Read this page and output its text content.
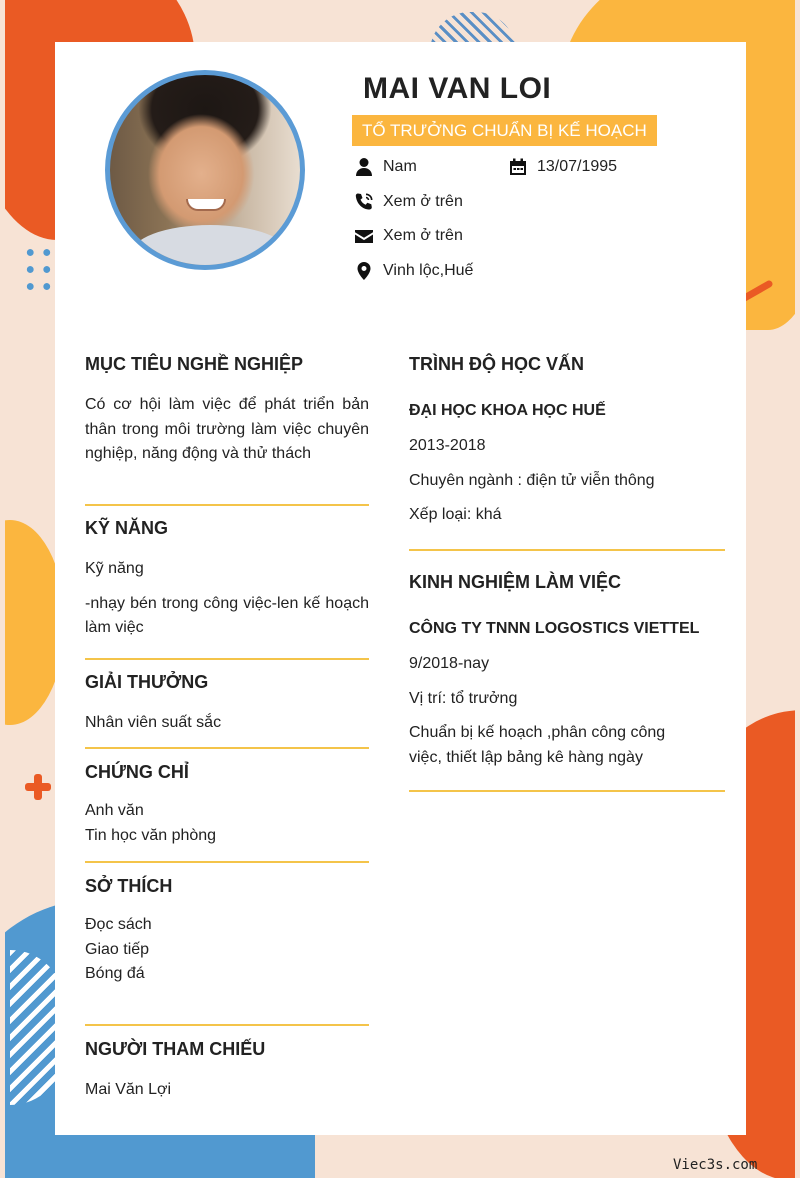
MAI VAN LOI
TỔ TRƯỞNG CHUẨN BỊ KẾ HOẠCH
Nam	13/07/1995
Xem ở trên
Xem ở trên
Vinh lộc,Huế
MỤC TIÊU NGHỀ NGHIỆP
Có cơ hội làm việc để phát triển bản thân trong môi trường làm việc chuyên nghiệp, năng động và thử thách
KỸ NĂNG
Kỹ năng
-nhạy bén trong công việc-len kế hoạch làm việc
GIẢI THƯỞNG
Nhân viên suất sắc
CHỨNG CHỈ
Anh văn
Tin học văn phòng
SỞ THÍCH
Đọc sách
Giao tiếp
Bóng đá
NGƯỜI THAM CHIẾU
Mai Văn Lợi
TRÌNH ĐỘ HỌC VẤN
ĐẠI HỌC KHOA HỌC HUẾ
2013-2018
Chuyên ngành : điện tử viễn thông
Xếp loại: khá
KINH NGHIỆM LÀM VIỆC
CÔNG TY TNNN LOGOSTICS VIETTEL
9/2018-nay
Vị trí: tổ trưởng
Chuẩn bị kế hoạch ,phân công công việc, thiết lập bảng kê hàng ngày
Viec3s.com
